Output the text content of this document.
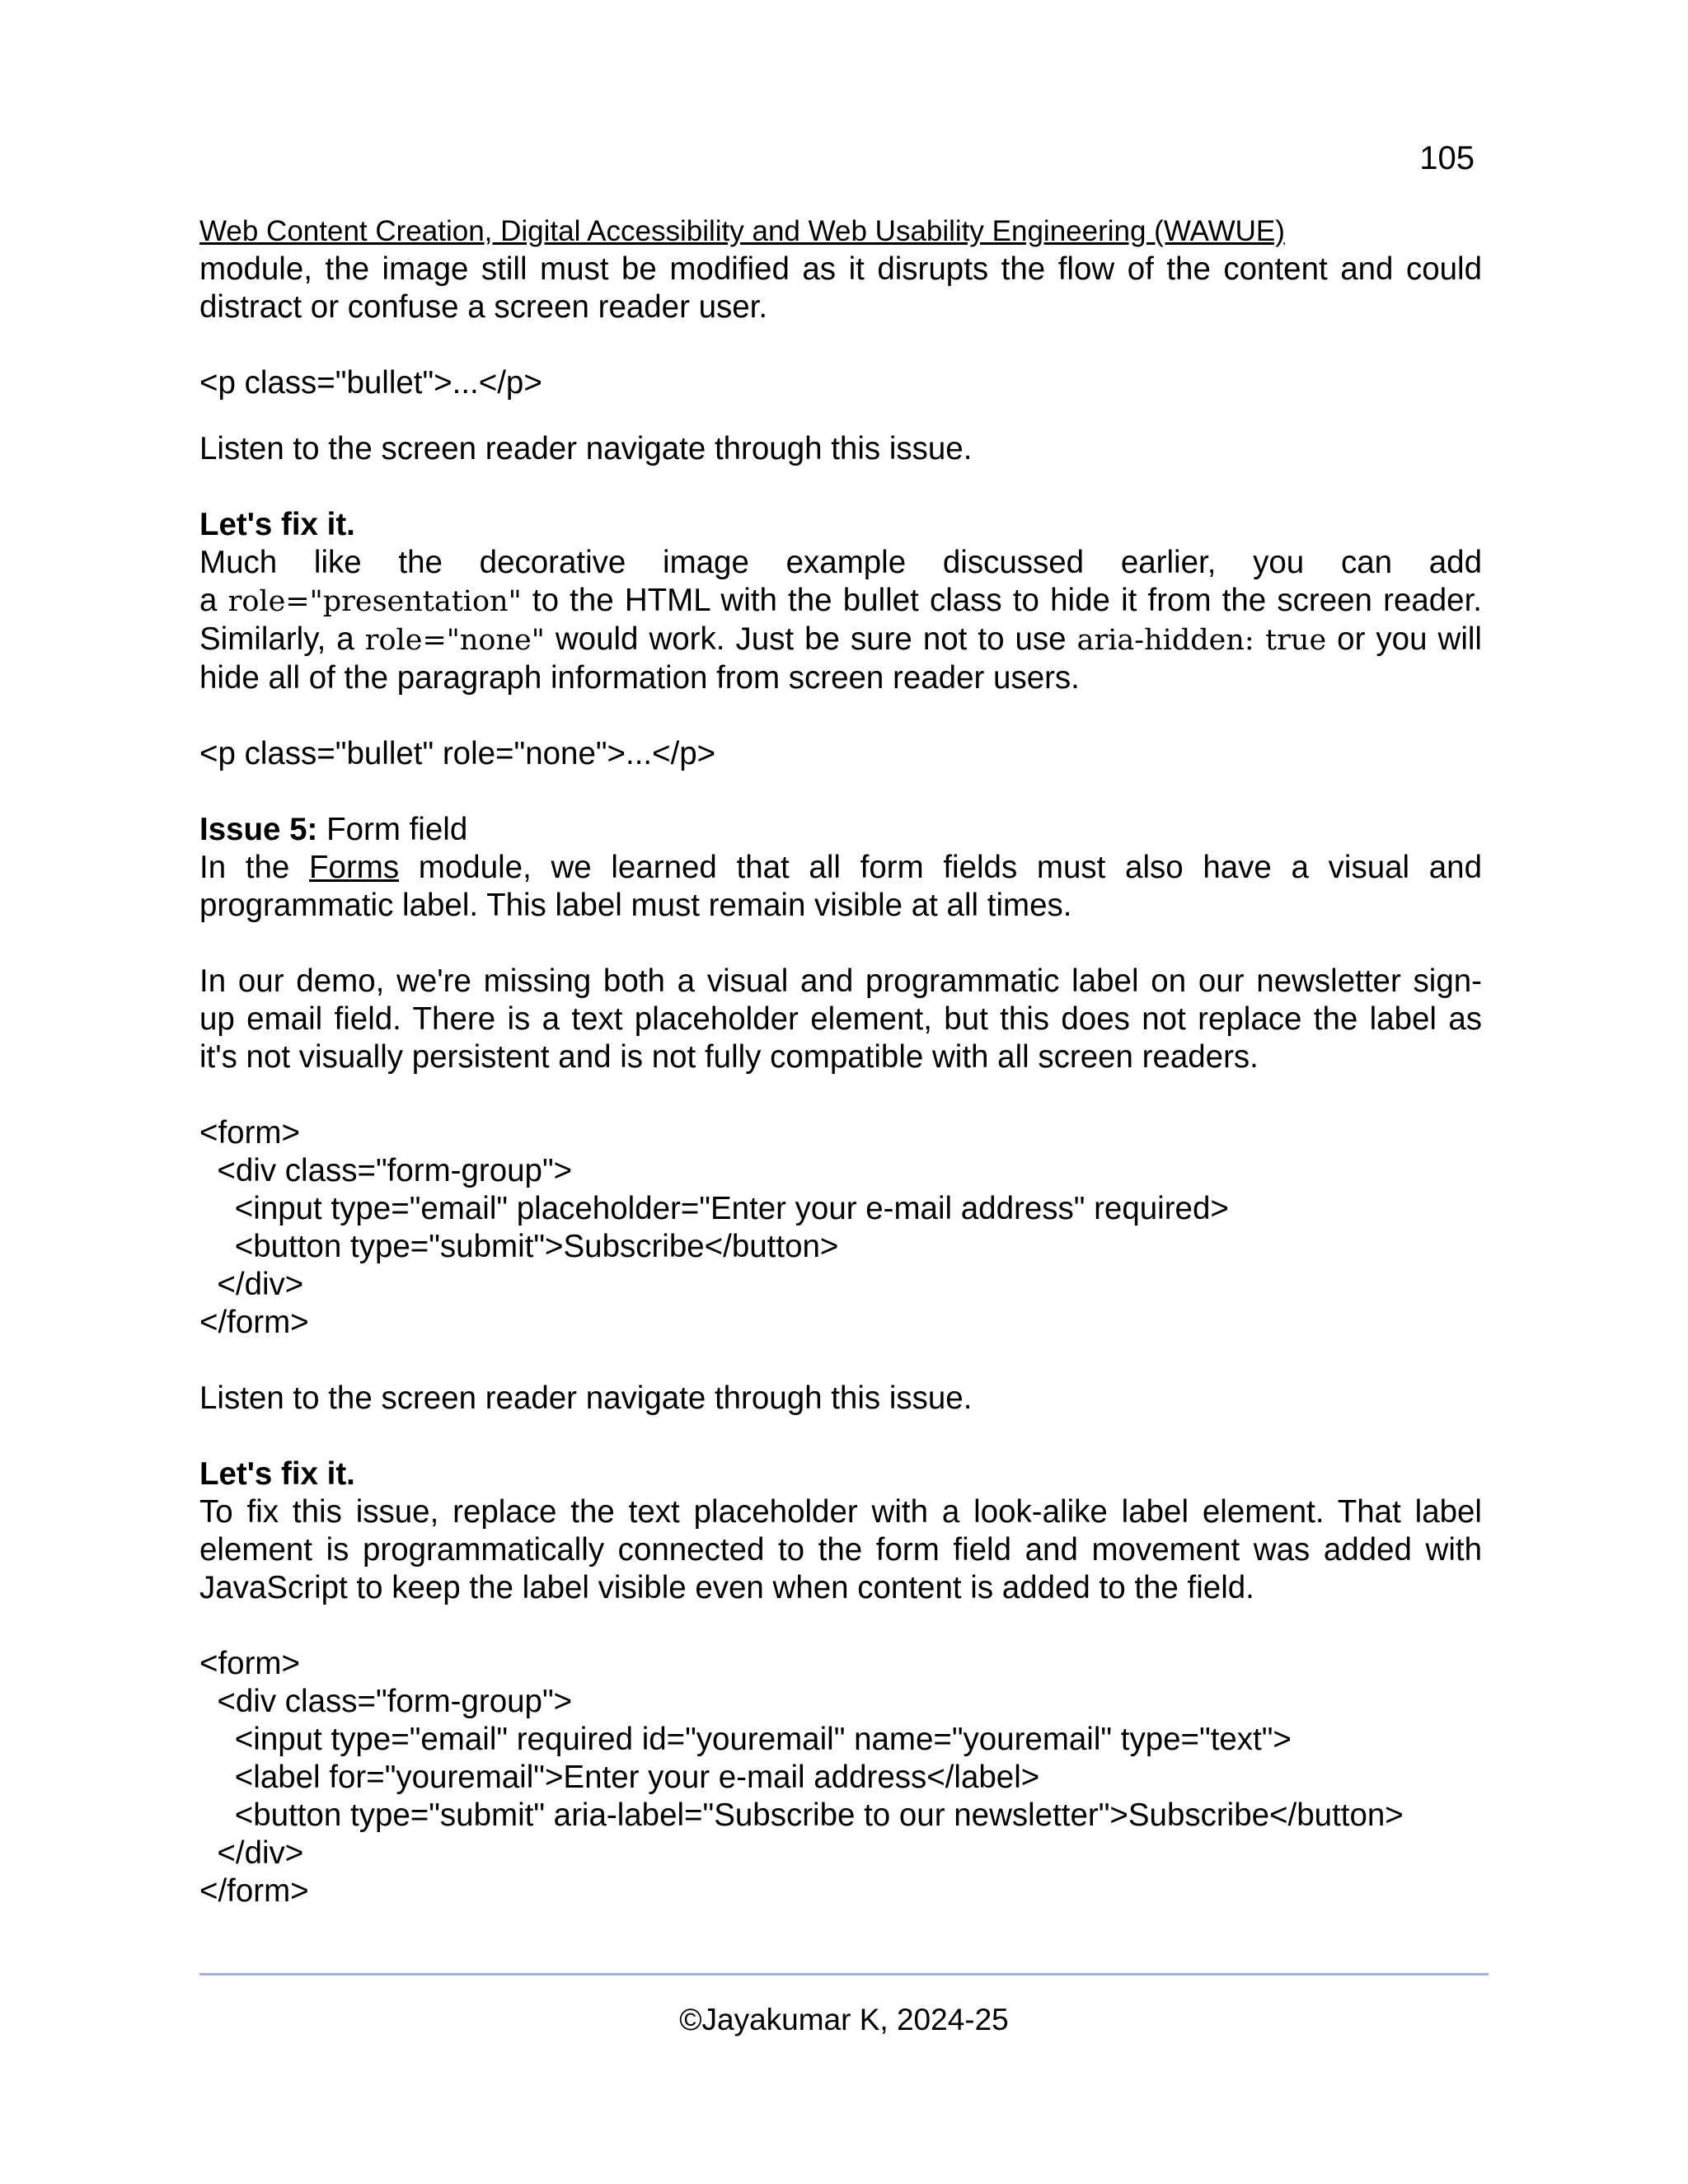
105
Web Content Creation, Digital Accessibility and Web Usability Engineering (WAWUE)

module, the image still must be modified as it disrupts the flow of the content and could

distract or confuse a screen reader user.

<p class="bullet">...</p>

Listen to the screen reader navigate through this issue.

Let's fix it.

Much like the decorative image example discussed earlier, you can add

a role="presentation" to the HTML with the bullet class to hide it from the screen reader.

Similarly, a role="none" would work. Just be sure not to use aria-hidden: true or you will

hide all of the paragraph information from screen reader users.

<p class="bullet" role="none">...</p>

Issue 5: Form field

In the Forms module, we learned that all form fields must also have a visual and

programmatic label. This label must remain visible at all times.

In our demo, we're missing both a visual and programmatic label on our newsletter sign-

up email field. There is a text placeholder element, but this does not replace the label as

it's not visually persistent and is not fully compatible with all screen readers.

<form>

<div class="form-group">

<input type="email" placeholder="Enter your e-mail address" required>

<button type="submit">Subscribe</button>

</div>

</form>

Listen to the screen reader navigate through this issue.

Let's fix it.

To fix this issue, replace the text placeholder with a look-alike label element. That label

element is programmatically connected to the form field and movement was added with

JavaScript to keep the label visible even when content is added to the field.

<form>

<div class="form-group">

<input type="email" required id="youremail" name="youremail" type="text">

<label for="youremail">Enter your e-mail address</label>

<button type="submit" aria-label="Subscribe to our newsletter">Subscribe</button>

</div>

</form>

©Jayakumar K, 2024-25
